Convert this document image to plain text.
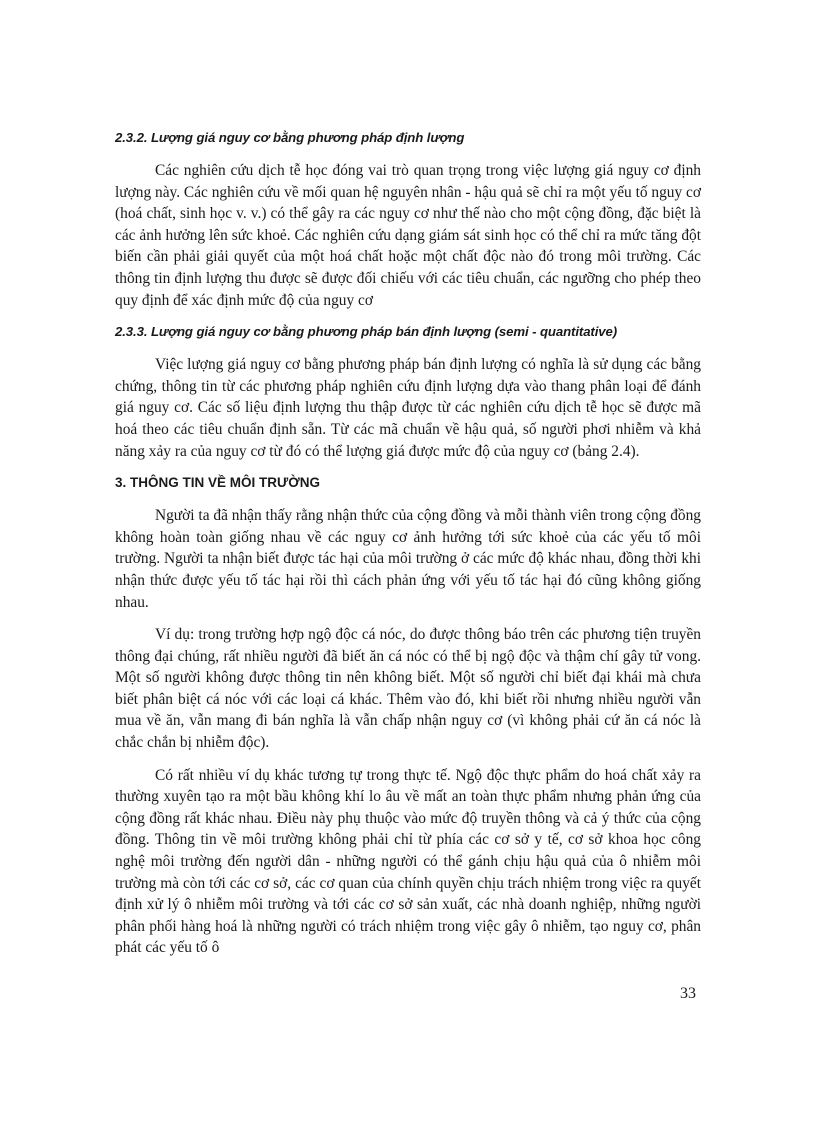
2.3.2. Lượng giá nguy cơ bằng phương pháp định lượng

Các nghiên cứu dịch tễ học đóng vai trò quan trọng trong việc lượng giá nguy cơ định lượng này. Các nghiên cứu về mối quan hệ nguyên nhân - hậu quả sẽ chỉ ra một yếu tố nguy cơ (hoá chất, sinh học v. v.) có thể gây ra các nguy cơ như thế nào cho một cộng đồng, đặc biệt là các ảnh hưởng lên sức khoẻ. Các nghiên cứu dạng giám sát sinh học có thể chỉ ra mức tăng đột biến cần phải giải quyết của một hoá chất hoặc một chất độc nào đó trong môi trường. Các thông tin định lượng thu được sẽ được đối chiếu với các tiêu chuẩn, các ngưỡng cho phép theo quy định để xác định mức độ của nguy cơ

2.3.3. Lượng giá nguy cơ bằng phương pháp bán định lượng (semi - quantitative)

Việc lượng giá nguy cơ bằng phương pháp bán định lượng có nghĩa là sử dụng các bằng chứng, thông tin từ các phương pháp nghiên cứu định lượng dựa vào thang phân loại để đánh giá nguy cơ. Các số liệu định lượng thu thập được từ các nghiên cứu dịch tễ học sẽ được mã hoá theo các tiêu chuẩn định sẵn. Từ các mã chuẩn về hậu quả, số người phơi nhiễm và khả năng xảy ra của nguy cơ từ đó có thể lượng giá được mức độ của nguy cơ (bảng 2.4).

3. THÔNG TIN VỀ MÔI TRƯỜNG

Người ta đã nhận thấy rằng nhận thức của cộng đồng và mỗi thành viên trong cộng đồng không hoàn toàn giống nhau về các nguy cơ ảnh hưởng tới sức khoẻ của các yếu tố môi trường. Người ta nhận biết được tác hại của môi trường ở các mức độ khác nhau, đồng thời khi nhận thức được yếu tố tác hại rồi thì cách phản ứng với yếu tố tác hại đó cũng không giống nhau.

Ví dụ: trong trường hợp ngộ độc cá nóc, do được thông báo trên các phương tiện truyền thông đại chúng, rất nhiều người đã biết ăn cá nóc có thể bị ngộ độc và thậm chí gây tử vong. Một số người không được thông tin nên không biết. Một số người chỉ biết đại khái mà chưa biết phân biệt cá nóc với các loại cá khác. Thêm vào đó, khi biết rồi nhưng nhiều người vẫn mua về ăn, vẫn mang đi bán nghĩa là vẫn chấp nhận nguy cơ (vì không phải cứ ăn cá nóc là chắc chắn bị nhiễm độc).

Có rất nhiều ví dụ khác tương tự trong thực tế. Ngộ độc thực phẩm do hoá chất xảy ra thường xuyên tạo ra một bầu không khí lo âu về mất an toàn thực phẩm nhưng phản ứng của cộng đồng rất khác nhau. Điều này phụ thuộc vào mức độ truyền thông và cả ý thức của cộng đồng. Thông tin về môi trường không phải chỉ từ phía các cơ sở y tế, cơ sở khoa học công nghệ môi trường đến người dân - những người có thể gánh chịu hậu quả của ô nhiễm môi trường mà còn tới các cơ sở, các cơ quan của chính quyền chịu trách nhiệm trong việc ra quyết định xử lý ô nhiễm môi trường và tới các cơ sở sản xuất, các nhà doanh nghiệp, những người phân phối hàng hoá là những người có trách nhiệm trong việc gây ô nhiễm, tạo nguy cơ, phân phát các yếu tố ô

33
